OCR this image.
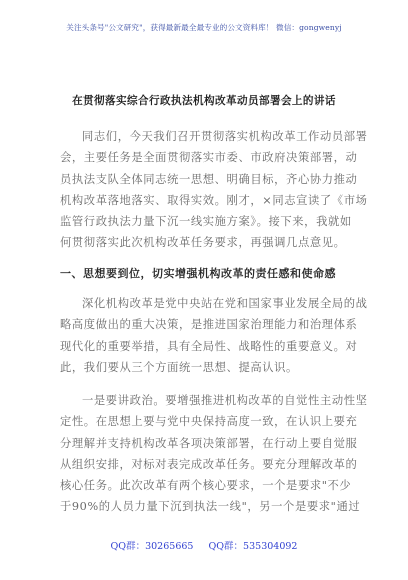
关注头条号"公文研究"，获得最新最全最专业的公文资料库！ 微信：gongwenyj
在贯彻落实综合行政执法机构改革动员部署会上的讲话
同志们，今天我们召开贯彻落实机构改革工作动员部署
会，主要任务是全面贯彻落实市委、市政府决策部署，动
员执法支队全体同志统一思想、明确目标，齐心协力推动
机构改革落地落实、取得实效。刚才，×同志宣读了《市场
监管行政执法力量下沉一线实施方案》。接下来，我就如
何贯彻落实此次机构改革任务要求，再强调几点意见。
一、思想要到位，切实增强机构改革的责任感和使命感
深化机构改革是党中央站在党和国家事业发展全局的战
略高度做出的重大决策，是推进国家治理能力和治理体系
现代化的重要举措，具有全局性、战略性的重要意义。对
此，我们要从三个方面统一思想、提高认识。
一是要讲政治。要增强推进机构改革的自觉性主动性坚
定性。在思想上要与党中央保持高度一致，在认识上要充
分理解并支持机构改革各项决策部署，在行动上要自觉服
从组织安排，对标对表完成改革任务。要充分理解改革的
核心任务。此次改革有两个核心要求，一个是要求"不少
于90%的人员力量下沉到执法一线"，另一个是要求"通过
QQ群：30265665 QQ群：535304092
